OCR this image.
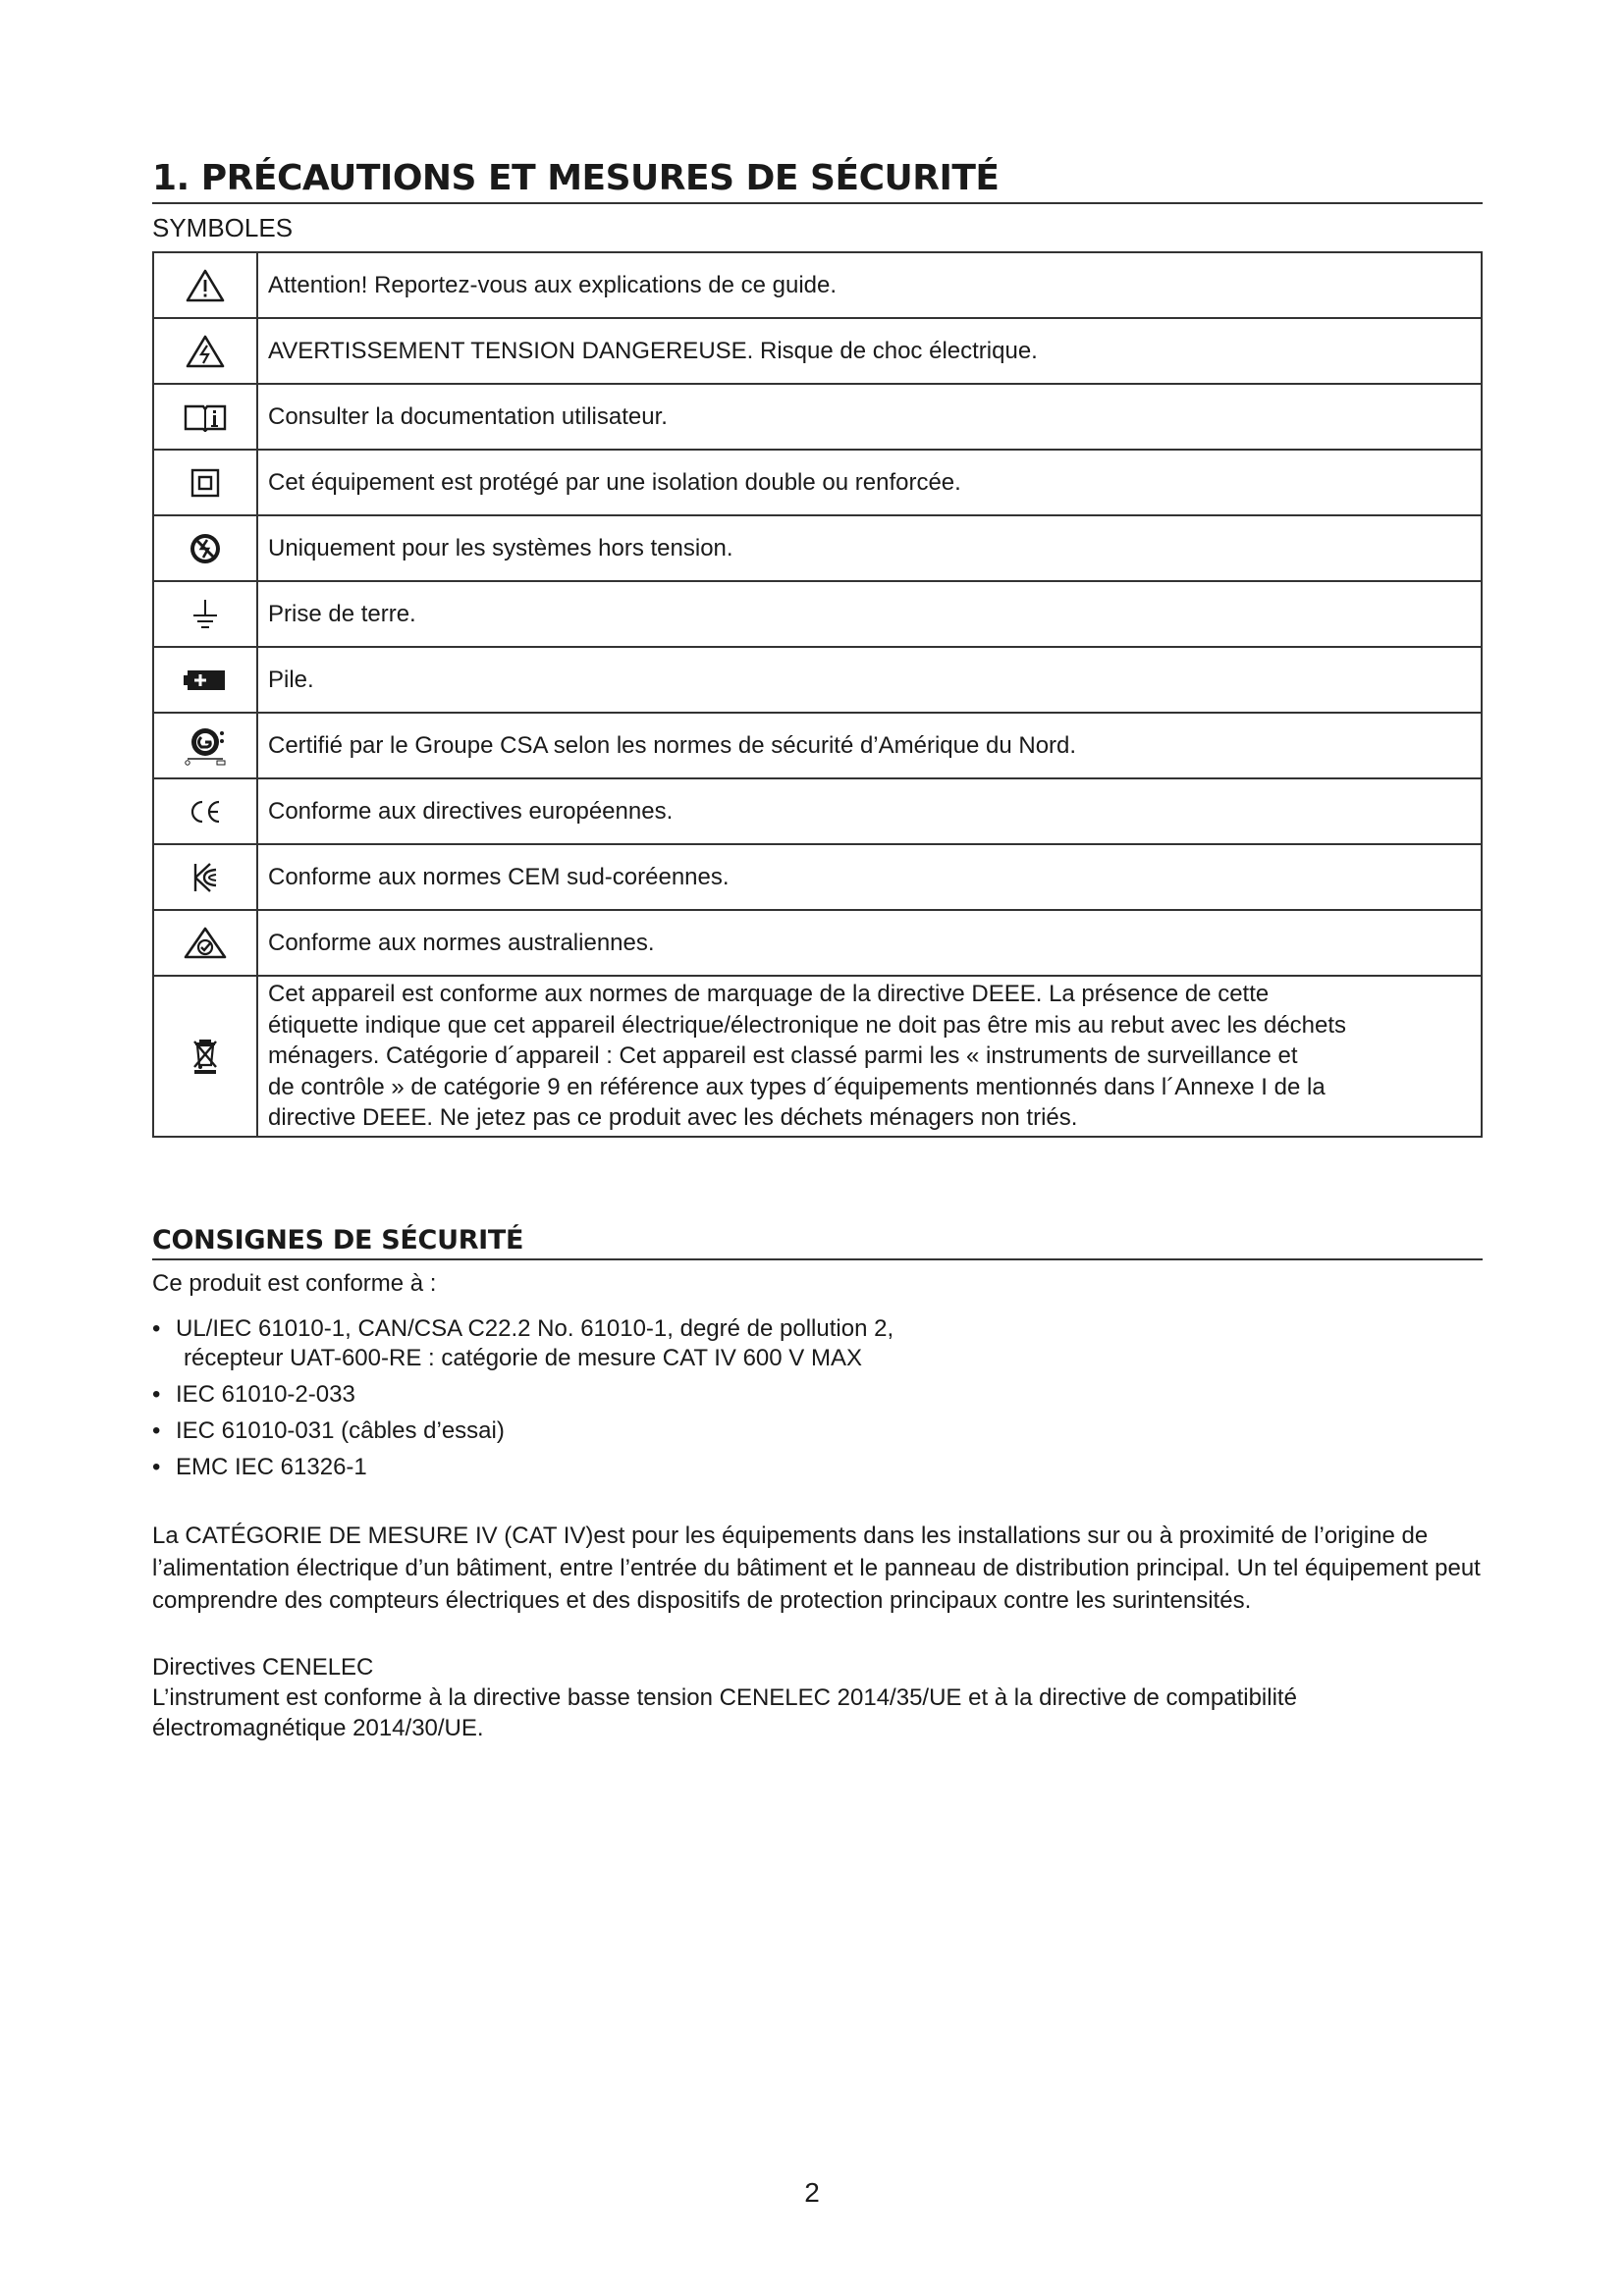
1. PRÉCAUTIONS ET MESURES DE SÉCURITÉ
SYMBOLES
	Attention! Reportez-vous aux explications de ce guide.
	AVERTISSEMENT TENSION DANGEREUSE. Risque de choc électrique.
	Consulter la documentation utilisateur.
	Cet équipement est protégé par une isolation double ou renforcée.
	Uniquement pour les systèmes hors tension.
	Prise de terre.
	Pile.
	Certifié par le Groupe CSA selon les normes de sécurité d’Amérique du Nord.
	Conforme aux directives européennes.
	Conforme aux normes CEM sud-coréennes.
	Conforme aux normes australiennes.
	Cet appareil est conforme aux normes de marquage de la directive DEEE. La présence de cette
étiquette indique que cet appareil électrique/électronique ne doit pas être mis au rebut avec les déchets
ménagers. Catégorie d´appareil : Cet appareil est classé parmi les « instruments de surveillance et
de contrôle » de catégorie 9 en référence aux types d´équipements mentionnés dans l´Annexe I de la
directive DEEE. Ne jetez pas ce produit avec les déchets ménagers non triés.
CONSIGNES DE SÉCURITÉ
Ce produit est conforme à :
• UL/IEC 61010-1, CAN/CSA C22.2 No. 61010-1, degré de pollution 2,
récepteur UAT-600-RE : catégorie de mesure CAT IV 600 V MAX
• IEC 61010-2-033
• IEC 61010-031 (câbles d’essai)
• EMC IEC 61326-1
La CATÉGORIE DE MESURE IV (CAT IV)est pour les équipements dans les installations sur ou à proximité de l’origine de l’alimentation électrique d’un bâtiment, entre l’entrée du bâtiment et le panneau de distribution principal. Un tel équipement peut comprendre des compteurs électriques et des dispositifs de protection principaux contre les surintensités.
Directives CENELEC
L’instrument est conforme à la directive basse tension CENELEC 2014/35/UE et à la directive de compatibilité électromagnétique 2014/30/UE.
2
